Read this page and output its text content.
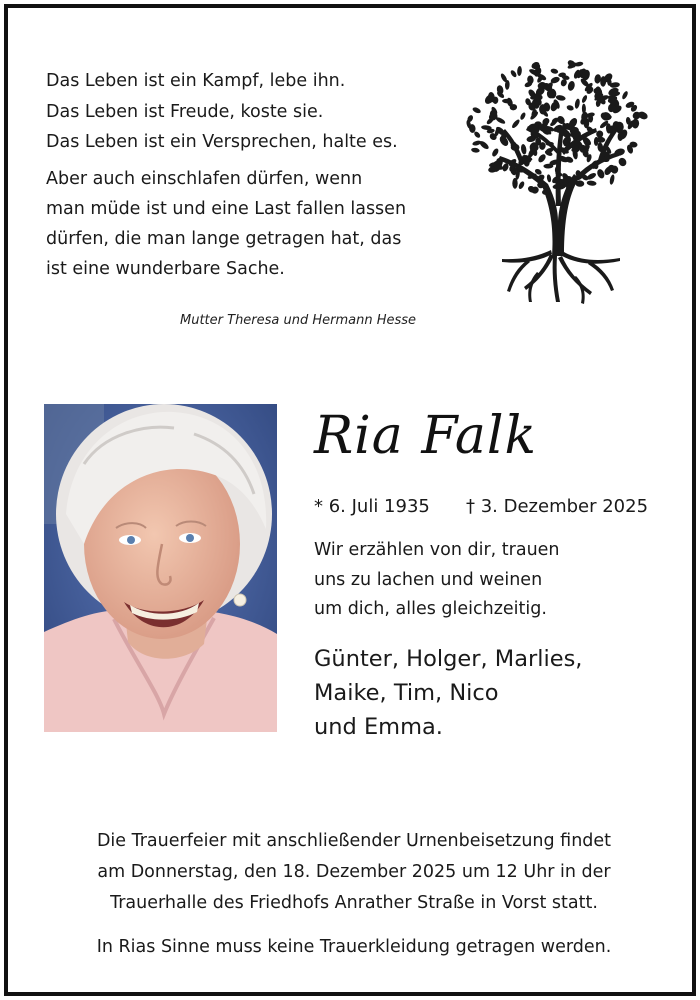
Das Leben ist ein Kampf, lebe ihn.

Das Leben ist Freude, koste sie.

Das Leben ist ein Versprechen, halte es.

Aber auch einschlafen dürfen, wenn

man müde ist und eine Last fallen lassen

dürfen, die man lange getragen hat, das

ist eine wunderbare Sache.

Mutter Theresa und Hermann Hesse
Ria Falk
* 6. Juli 1935 † 3. Dezember 2025

Wir erzählen von dir, trauen

uns zu lachen und weinen

um dich, alles gleichzeitig.

Günter, Holger, Marlies,

Maike, Tim, Nico

und Emma.

Die Trauerfeier mit anschließender Urnenbeisetzung findet

am Donnerstag, den 18. Dezember 2025 um 12 Uhr in der

Trauerhalle des Friedhofs Anrather Straße in Vorst statt.

In Rias Sinne muss keine Trauerkleidung getragen werden.
